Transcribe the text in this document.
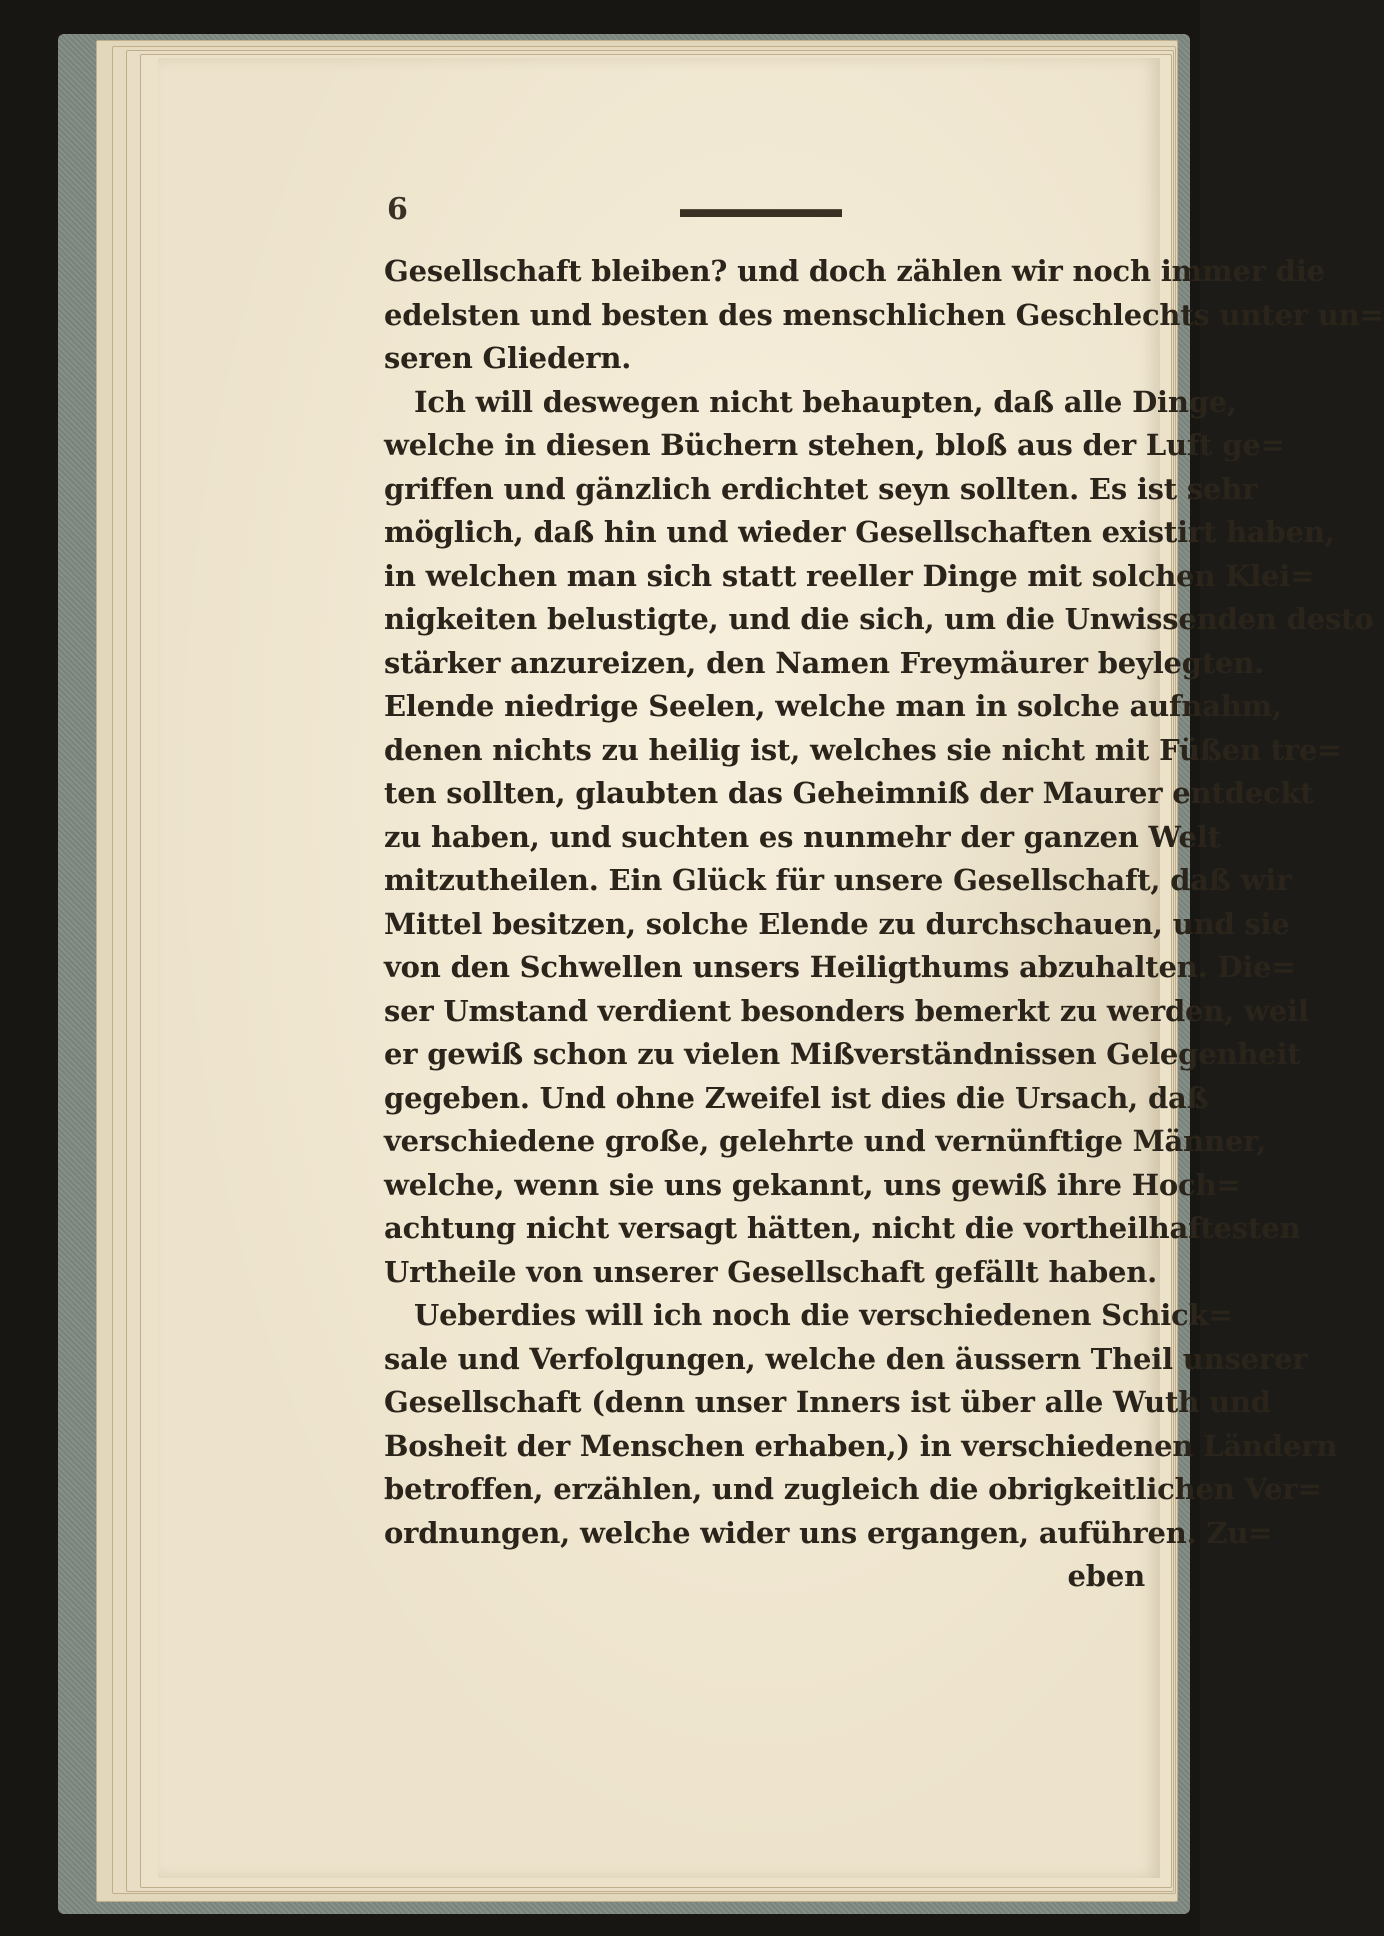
6
Gesellschaft bleiben? und doch zählen wir noch immer die
edelsten und besten des menschlichen Geschlechts unter un=
seren Gliedern.
Ich will deswegen nicht behaupten, daß alle Dinge,
welche in diesen Büchern stehen, bloß aus der Luft ge=
griffen und gänzlich erdichtet seyn sollten. Es ist sehr
möglich, daß hin und wieder Gesellschaften existirt haben,
in welchen man sich statt reeller Dinge mit solchen Klei=
nigkeiten belustigte, und die sich, um die Unwissenden desto
stärker anzureizen, den Namen Freymäurer beylegten.
Elende niedrige Seelen, welche man in solche aufnahm,
denen nichts zu heilig ist, welches sie nicht mit Füßen tre=
ten sollten, glaubten das Geheimniß der Maurer entdeckt
zu haben, und suchten es nunmehr der ganzen Welt
mitzutheilen. Ein Glück für unsere Gesellschaft, daß wir
Mittel besitzen, solche Elende zu durchschauen, und sie
von den Schwellen unsers Heiligthums abzuhalten. Die=
ser Umstand verdient besonders bemerkt zu werden, weil
er gewiß schon zu vielen Mißverständnissen Gelegenheit
gegeben. Und ohne Zweifel ist dies die Ursach, daß
verschiedene große, gelehrte und vernünftige Männer,
welche, wenn sie uns gekannt, uns gewiß ihre Hoch=
achtung nicht versagt hätten, nicht die vortheilhaftesten
Urtheile von unserer Gesellschaft gefällt haben.
Ueberdies will ich noch die verschiedenen Schick=
sale und Verfolgungen, welche den äussern Theil unserer
Gesellschaft (denn unser Inners ist über alle Wuth und
Bosheit der Menschen erhaben,) in verschiedenen Ländern
betroffen, erzählen, und zugleich die obrigkeitlichen Ver=
ordnungen, welche wider uns ergangen, auführen. Zu=
eben
